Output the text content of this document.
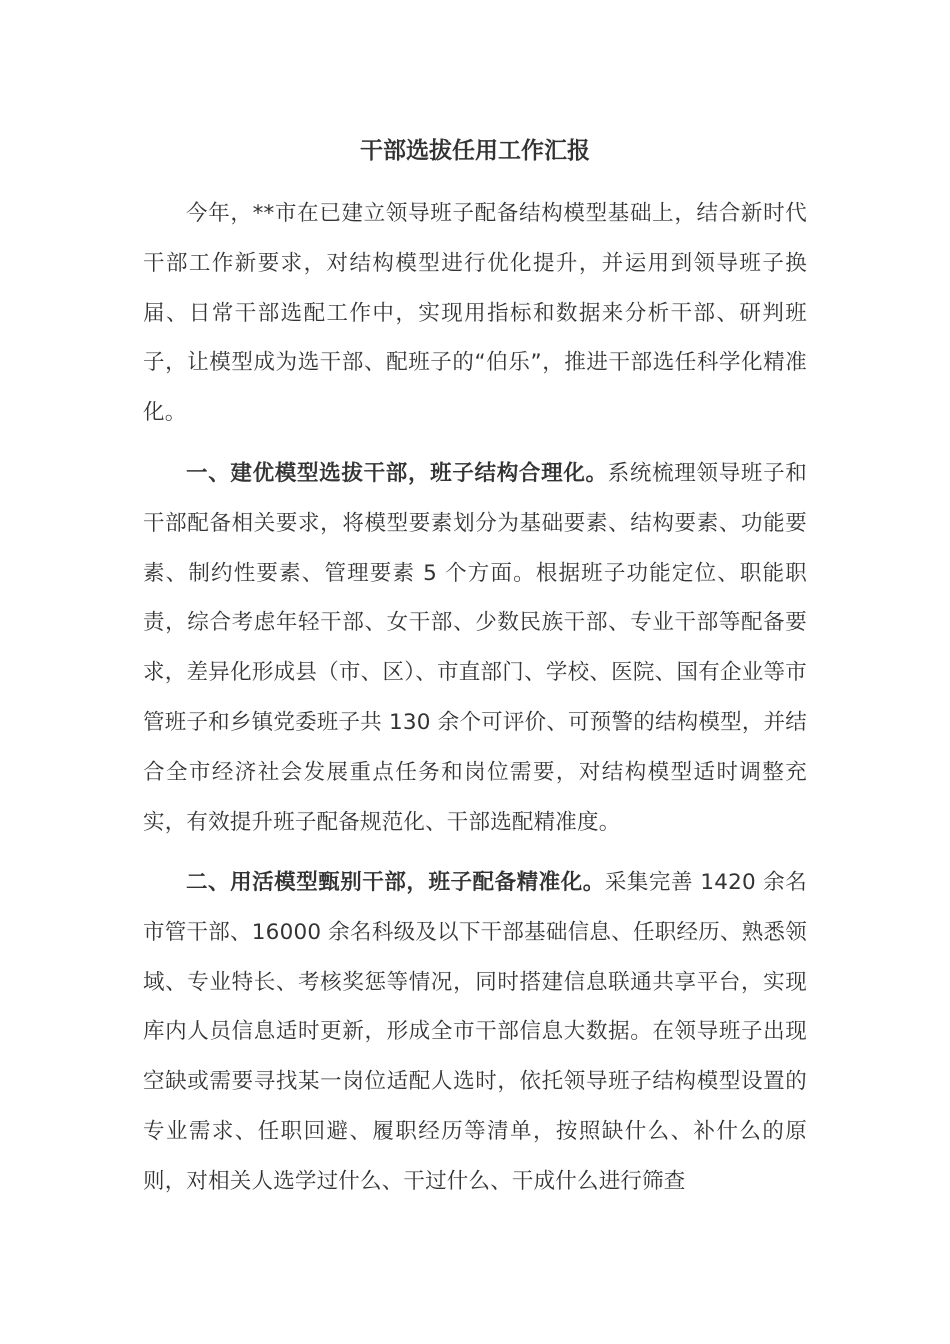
干部选拔任用工作汇报

今年，**市在已建立领导班子配备结构模型基础上，结合新时代干部工作新要求，对结构模型进行优化提升，并运用到领导班子换届、日常干部选配工作中，实现用指标和数据来分析干部、研判班子，让模型成为选干部、配班子的“伯乐”，推进干部选任科学化精准化。

一、建优模型选拔干部，班子结构合理化。系统梳理领导班子和干部配备相关要求，将模型要素划分为基础要素、结构要素、功能要素、制约性要素、管理要素 5 个方面。根据班子功能定位、职能职责，综合考虑年轻干部、女干部、少数民族干部、专业干部等配备要求，差异化形成县（市、区）、市直部门、学校、医院、国有企业等市管班子和乡镇党委班子共 130 余个可评价、可预警的结构模型，并结合全市经济社会发展重点任务和岗位需要，对结构模型适时调整充实，有效提升班子配备规范化、干部选配精准度。

二、用活模型甄别干部，班子配备精准化。采集完善 1420 余名市管干部、16000 余名科级及以下干部基础信息、任职经历、熟悉领域、专业特长、考核奖惩等情况，同时搭建信息联通共享平台，实现库内人员信息适时更新，形成全市干部信息大数据。在领导班子出现空缺或需要寻找某一岗位适配人选时，依托领导班子结构模型设置的专业需求、任职回避、履职经历等清单，按照缺什么、补什么的原则，对相关人选学过什么、干过什么、干成什么进行筛查
